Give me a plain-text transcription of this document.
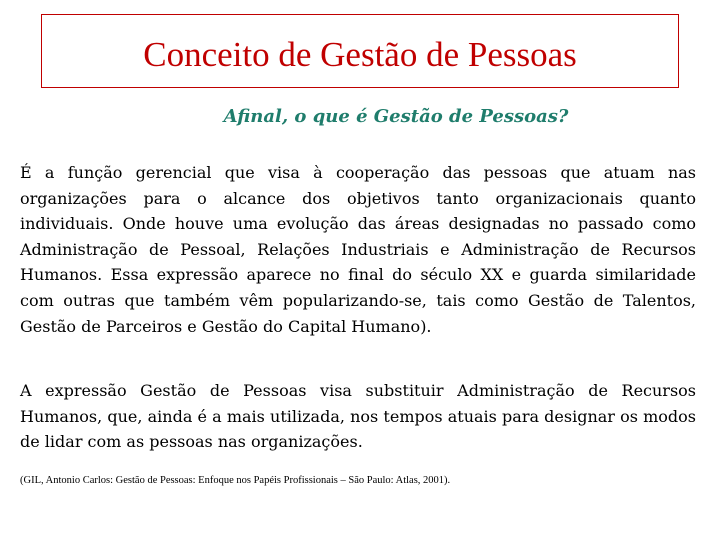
Conceito de Gestão de Pessoas
Afinal, o que é Gestão de Pessoas?
É a função gerencial que visa à cooperação das pessoas que atuam nas organizações para o alcance dos objetivos tanto organizacionais quanto individuais. Onde houve uma evolução das áreas designadas no passado como Administração de Pessoal, Relações Industriais e Administração de Recursos Humanos. Essa expressão aparece no final do século XX e guarda similaridade com outras que também vêm popularizando-se, tais como Gestão de Talentos, Gestão de Parceiros e Gestão do Capital Humano).
A expressão Gestão de Pessoas visa substituir Administração de Recursos Humanos, que, ainda é a mais utilizada, nos tempos atuais para designar os modos de lidar com as pessoas nas organizações.
(GIL, Antonio Carlos: Gestão de Pessoas: Enfoque nos Papéis Profissionais – São Paulo: Atlas, 2001).
